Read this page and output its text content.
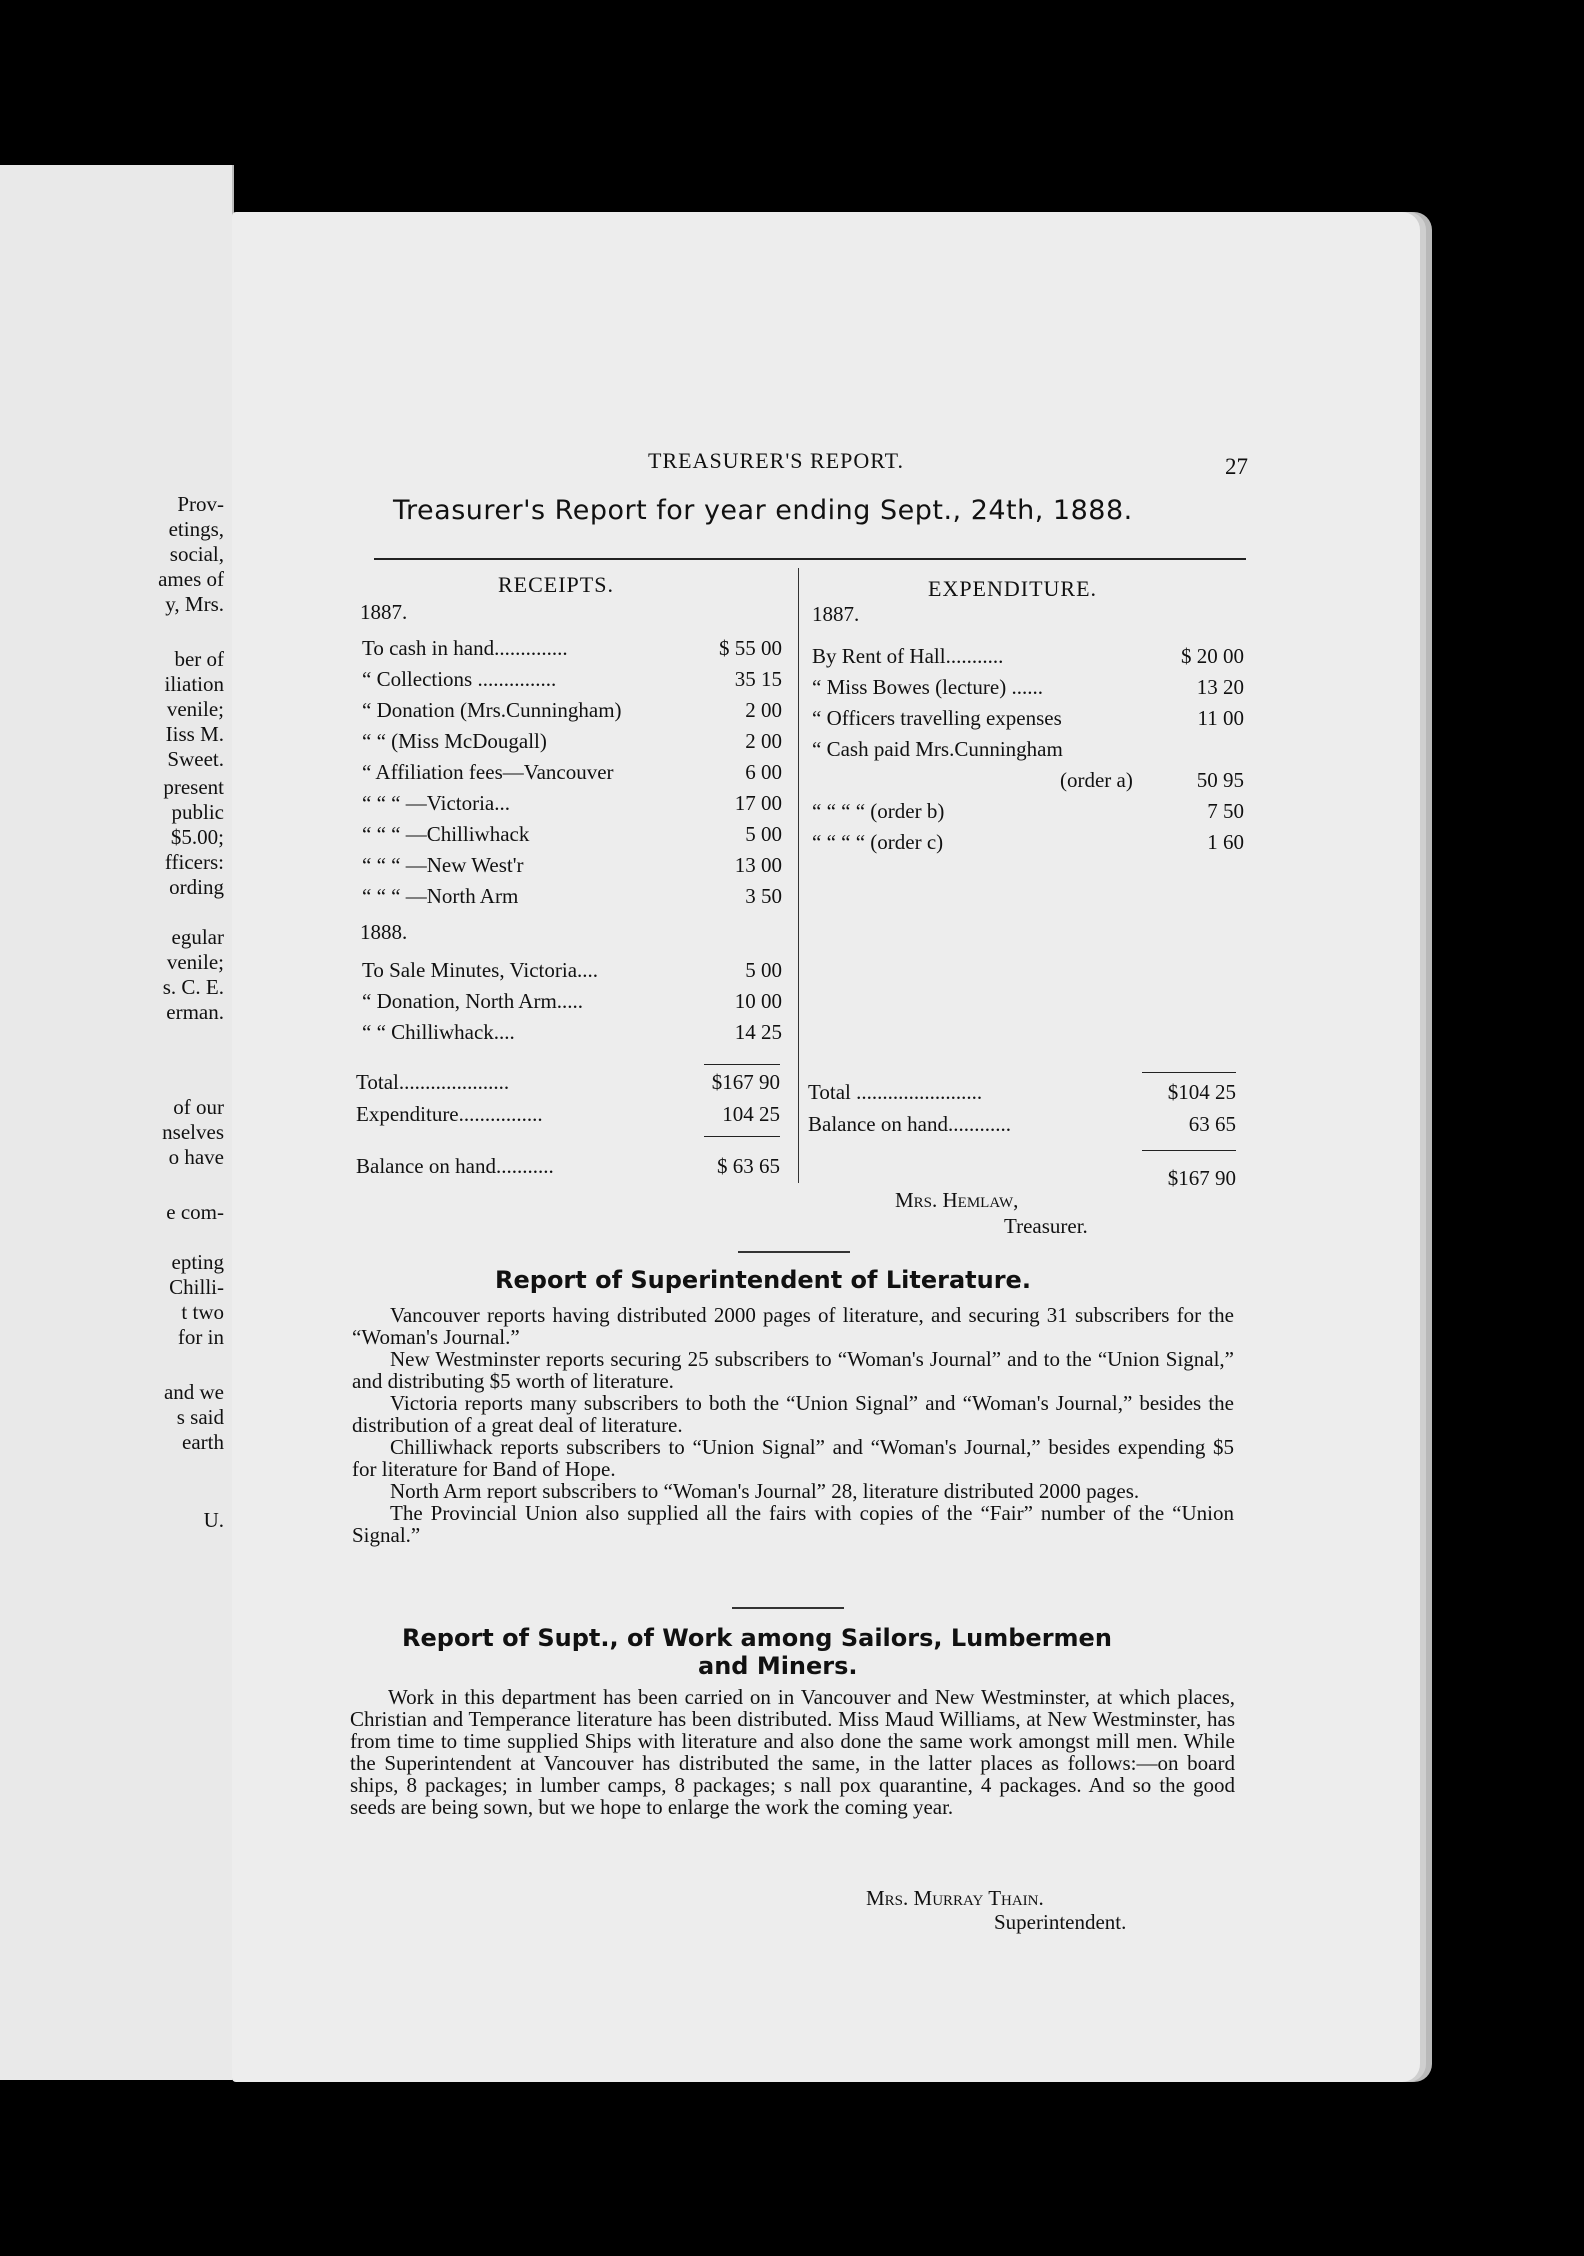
Prov-
etings,
social,
ames of
y, Mrs.
ber of
iliation
venile;
Iiss M.
Sweet.
present
public
$5.00;
fficers:
ording
egular
venile;
s. C. E.
erman.
of our
nselves
o have
e com-
epting
Chilli-
t two
for in
and we
s said
earth
U.
TREASURER'S REPORT.	27
Treasurer's Report for year ending Sept., 24th, 1888.
RECEIPTS.	EXPENDITURE.
1887.
To cash in hand..............	$ 55 00
“ Collections ...............	35 15
“ Donation (Mrs.Cunningham)	2 00
“ “ (Miss McDougall)	2 00
“ Affiliation fees—Vancouver	6 00
“ “ “ —Victoria...	17 00
“ “ “ —Chilliwhack	5 00
“ “ “ —New West'r	13 00
“ “ “ —North Arm	3 50
1888.
To Sale Minutes, Victoria....	5 00
“ Donation, North Arm.....	10 00
“ “ Chilliwhack....	14 25
Total.....................	$167 90
Expenditure................	104 25
Balance on hand...........	$ 63 65
1887.
By Rent of Hall...........	$ 20 00
“ Miss Bowes (lecture) ......	13 20
“ Officers travelling expenses	11 00
“ Cash paid Mrs.Cunningham
(order a)	50 95
“ “ “ “ (order b)	7 50
“ “ “ “ (order c)	1 60
Total ........................	$104 25
Balance on hand............	63 65
$167 90
Mrs. Hemlaw,
Treasurer.
Report of Superintendent of Literature.

Vancouver reports having distributed 2000 pages of literature, and securing 31 subscribers for the “Woman's Journal.”

New Westminster reports securing 25 subscribers to “Woman's Journal” and to the “Union Signal,” and distributing $5 worth of literature.

Victoria reports many subscribers to both the “Union Signal” and “Woman's Journal,” besides the distribution of a great deal of literature.

Chilliwhack reports subscribers to “Union Signal” and “Woman's Journal,” besides expending $5 for literature for Band of Hope.

North Arm report subscribers to “Woman's Journal” 28, literature distributed 2000 pages.

The Provincial Union also supplied all the fairs with copies of the “Fair” number of the “Union Signal.”

Report of Supt., of Work among Sailors, Lumbermen
and Miners.

Work in this department has been carried on in Vancouver and New Westminster, at which places, Christian and Temperance literature has been distributed. Miss Maud Williams, at New Westminster, has from time to time supplied Ships with literature and also done the same work amongst mill men. While the Superintendent at Vancouver has distributed the same, in the latter places as follows:—on board ships, 8 packages; in lumber camps, 8 packages; s nall pox quarantine, 4 packages. And so the good seeds are being sown, but we hope to enlarge the work the coming year.

Mrs. Murray Thain.
Superintendent.
